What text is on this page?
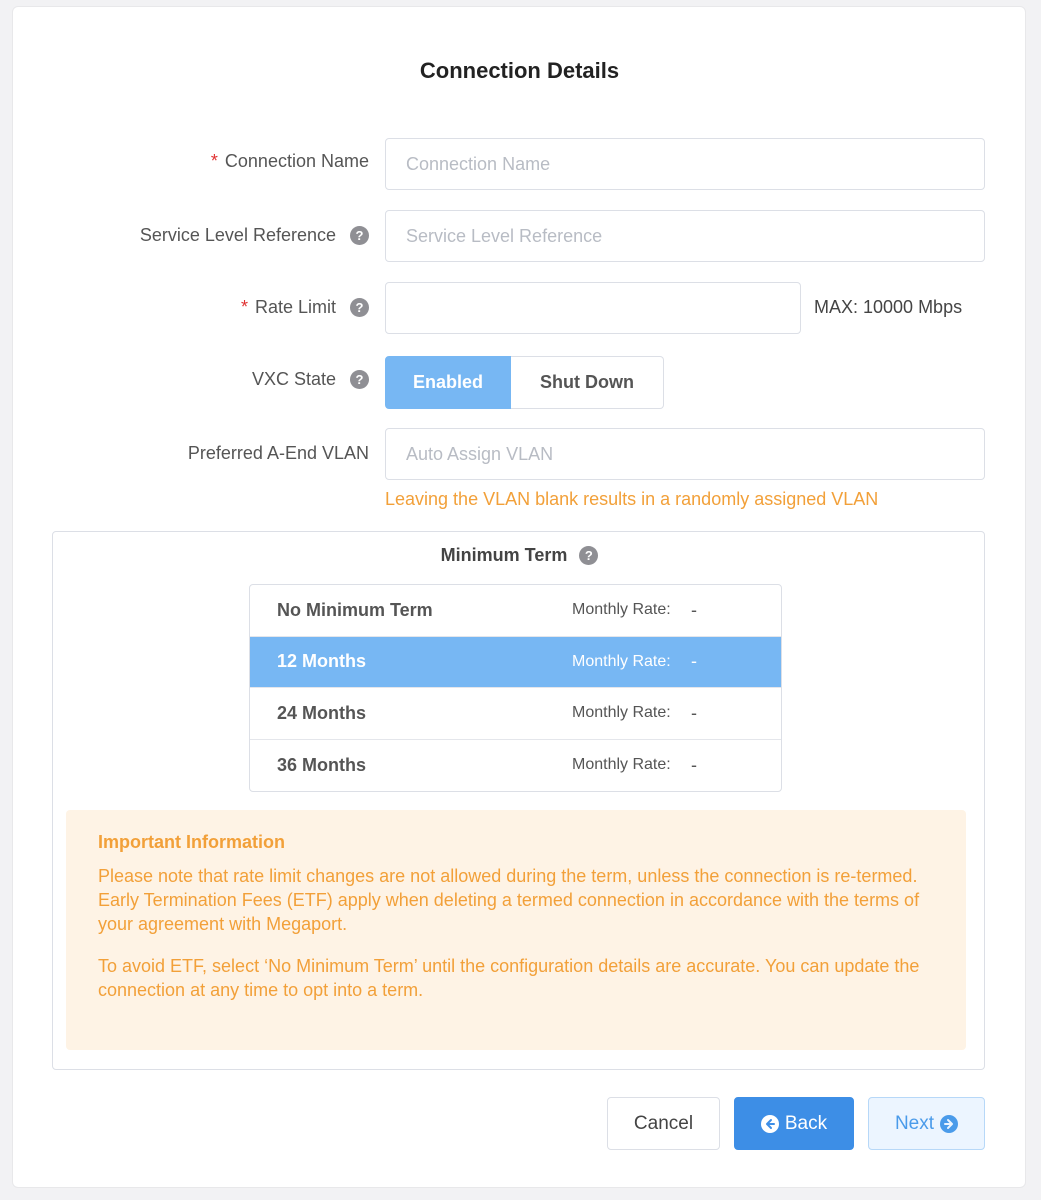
Connection Details
* Connection Name
Connection Name
Service Level Reference	?
Service Level Reference
* Rate Limit	?	MAX: 10000 Mbps
VXC State	?	Enabled	Shut Down
Preferred A-End VLAN
Auto Assign VLAN
Leaving the VLAN blank results in a randomly assigned VLAN
Minimum Term	?
No Minimum Term	Monthly Rate: -
12 Months	Monthly Rate: -
24 Months	Monthly Rate: -
36 Months	Monthly Rate: -
Important Information

Please note that rate limit changes are not allowed during the term, unless the connection is re-termed. Early Termination Fees (ETF) apply when deleting a termed connection in accordance with the terms of your agreement with Megaport.

To avoid ETF, select ‘No Minimum Term’ until the configuration details are accurate. You can update the connection at any time to opt into a term.

Cancel	Back	Next
